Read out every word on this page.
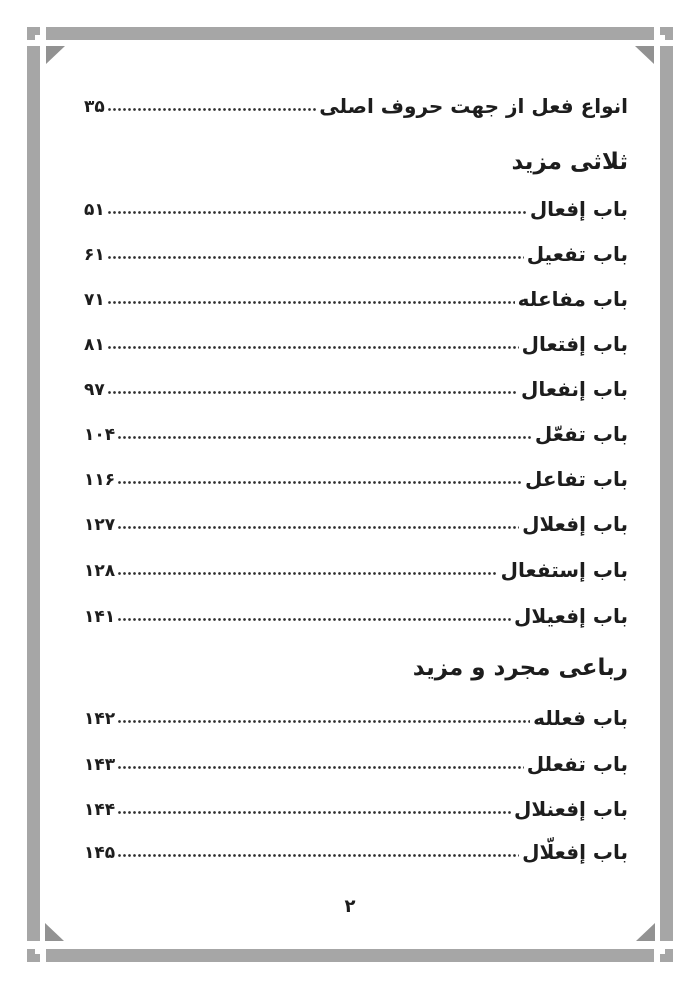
انواع فعل از جهت حروف اصلی
۳۵
ثلاثی مزید
باب إفعال
۵۱
باب تفعیل
۶۱
باب مفاعله
۷۱
باب إفتعال
۸۱
باب إنفعال
۹۷
باب تفعّل
۱۰۴
باب تفاعل
۱۱۶
باب إفعلال
۱۲۷
باب إستفعال
۱۲۸
باب إفعیلال
۱۴۱
رباعی مجرد و مزید
باب فعلله
۱۴۲
باب تفعلل
۱۴۳
باب إفعنلال
۱۴۴
باب إفعلّال
۱۴۵
۲
